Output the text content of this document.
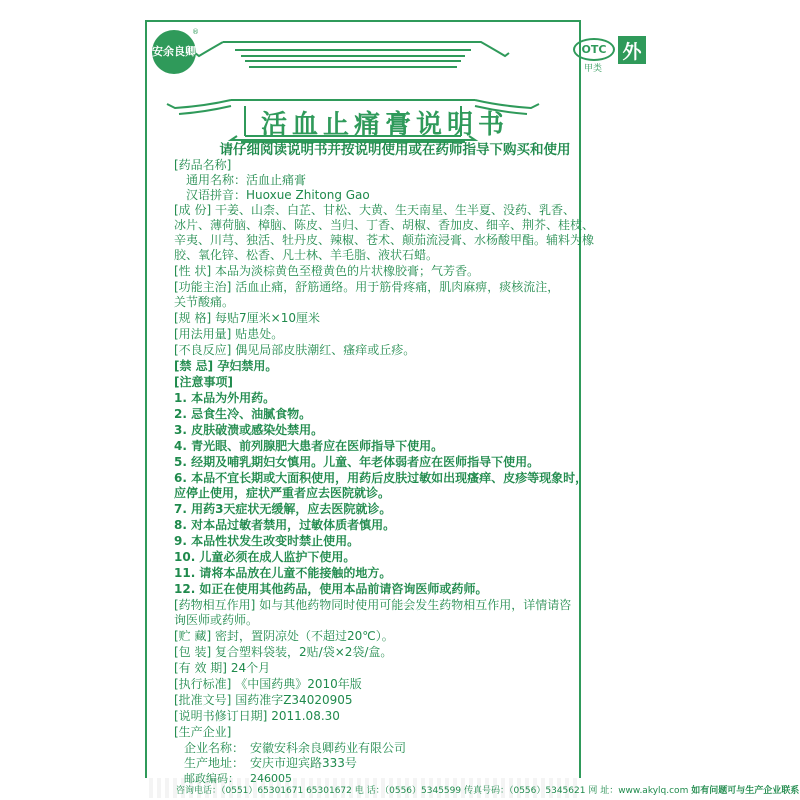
安余良卿
®
OTC
甲类
外
活血止痛膏说明书
请仔细阅读说明书并按说明使用或在药师指导下购买和使用
[药品名称]
通用名称：活血止痛膏
汉语拼音：Huoxue Zhitong Gao
[成 份] 干姜、山柰、白芷、甘松、大黄、生天南星、生半夏、没药、乳香、
冰片、薄荷脑、樟脑、陈皮、当归、丁香、胡椒、香加皮、细辛、荆芥、桂枝、
辛夷、川芎、独活、牡丹皮、辣椒、苍术、颠茄流浸膏、水杨酸甲酯。辅料为橡
胶、氧化锌、松香、凡士林、羊毛脂、液状石蜡。
[性 状] 本品为淡棕黄色至橙黄色的片状橡胶膏；气芳香。
[功能主治] 活血止痛，舒筋通络。用于筋骨疼痛，肌肉麻痹，痰核流注，
关节酸痛。
[规 格] 每贴7厘米×10厘米
[用法用量] 贴患处。
[不良反应] 偶见局部皮肤潮红、瘙痒或丘疹。
[禁 忌] 孕妇禁用。
[注意事项]
1. 本品为外用药。
2. 忌食生冷、油腻食物。
3. 皮肤破溃或感染处禁用。
4. 青光眼、前列腺肥大患者应在医师指导下使用。
5. 经期及哺乳期妇女慎用。儿童、年老体弱者应在医师指导下使用。
6. 本品不宜长期或大面积使用，用药后皮肤过敏如出现瘙痒、皮疹等现象时，
应停止使用，症状严重者应去医院就诊。
7. 用药3天症状无缓解，应去医院就诊。
8. 对本品过敏者禁用，过敏体质者慎用。
9. 本品性状发生改变时禁止使用。
10. 儿童必须在成人监护下使用。
11. 请将本品放在儿童不能接触的地方。
12. 如正在使用其他药品，使用本品前请咨询医师或药师。
[药物相互作用] 如与其他药物同时使用可能会发生药物相互作用，详情请咨
询医师或药师。
[贮 藏] 密封，置阴凉处（不超过20℃）。
[包 装] 复合塑料袋装，2贴/袋×2袋/盒。
[有 效 期] 24个月
[执行标准] 《中国药典》2010年版
[批准文号] 国药准字Z34020905
[说明书修订日期] 2011.08.30
[生产企业]
企业名称： 安徽安科余良卿药业有限公司
生产地址： 安庆市迎宾路333号
邮政编码： 246005
咨询电话：（0551）65301671 65301672 电 话：（0556）5345599 传真号码：（0556）5345621 网 址：www.akylq.com 如有问题可与生产企业联系
